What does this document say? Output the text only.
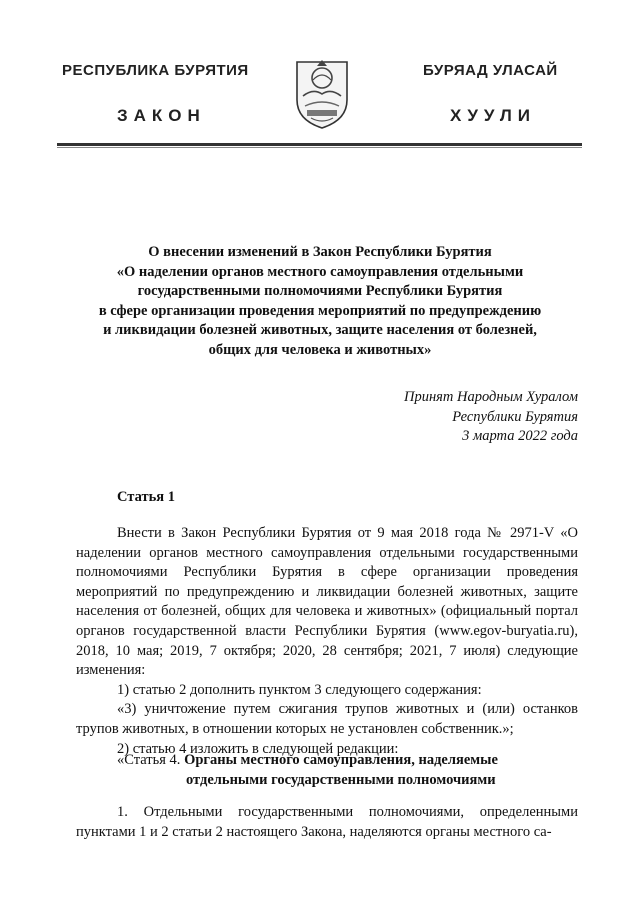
РЕСПУБЛИКА БУРЯТИЯ	БУРЯАД УЛАСАЙ
ЗАКОН	ХУУЛИ
О внесении изменений в Закон Республики Бурятия
«О наделении органов местного самоуправления отдельными
государственными полномочиями Республики Бурятия
в сфере организации проведения мероприятий по предупреждению
и ликвидации болезней животных, защите населения от болезней,
общих для человека и животных»
Принят Народным Хуралом
Республики Бурятия
3 марта 2022 года
Статья 1

Внести в Закон Республики Бурятия от 9 мая 2018 года № 2971-V «О наделении органов местного самоуправления отдельными государственными полномочиями Республики Бурятия в сфере организации проведения мероприятий по предупреждению и ликвидации болезней животных, защите населения от болезней, общих для человека и животных» (официальный портал органов государственной власти Республики Бурятия (www.egov-buryatia.ru), 2018, 10 мая; 2019, 7 октября; 2020, 28 сентября; 2021, 7 июля) следующие изменения:

1) статью 2 дополнить пунктом 3 следующего содержания:

«3) уничтожение путем сжигания трупов животных и (или) останков трупов животных, в отношении которых не установлен собственник.»;

2) статью 4 изложить в следующей редакции:

«Статья 4. Органы местного самоуправления, наделяемые
отдельными государственными полномочиями

1. Отдельными государственными полномочиями, определенными пунктами 1 и 2 статьи 2 настоящего Закона, наделяются органы местного са-
